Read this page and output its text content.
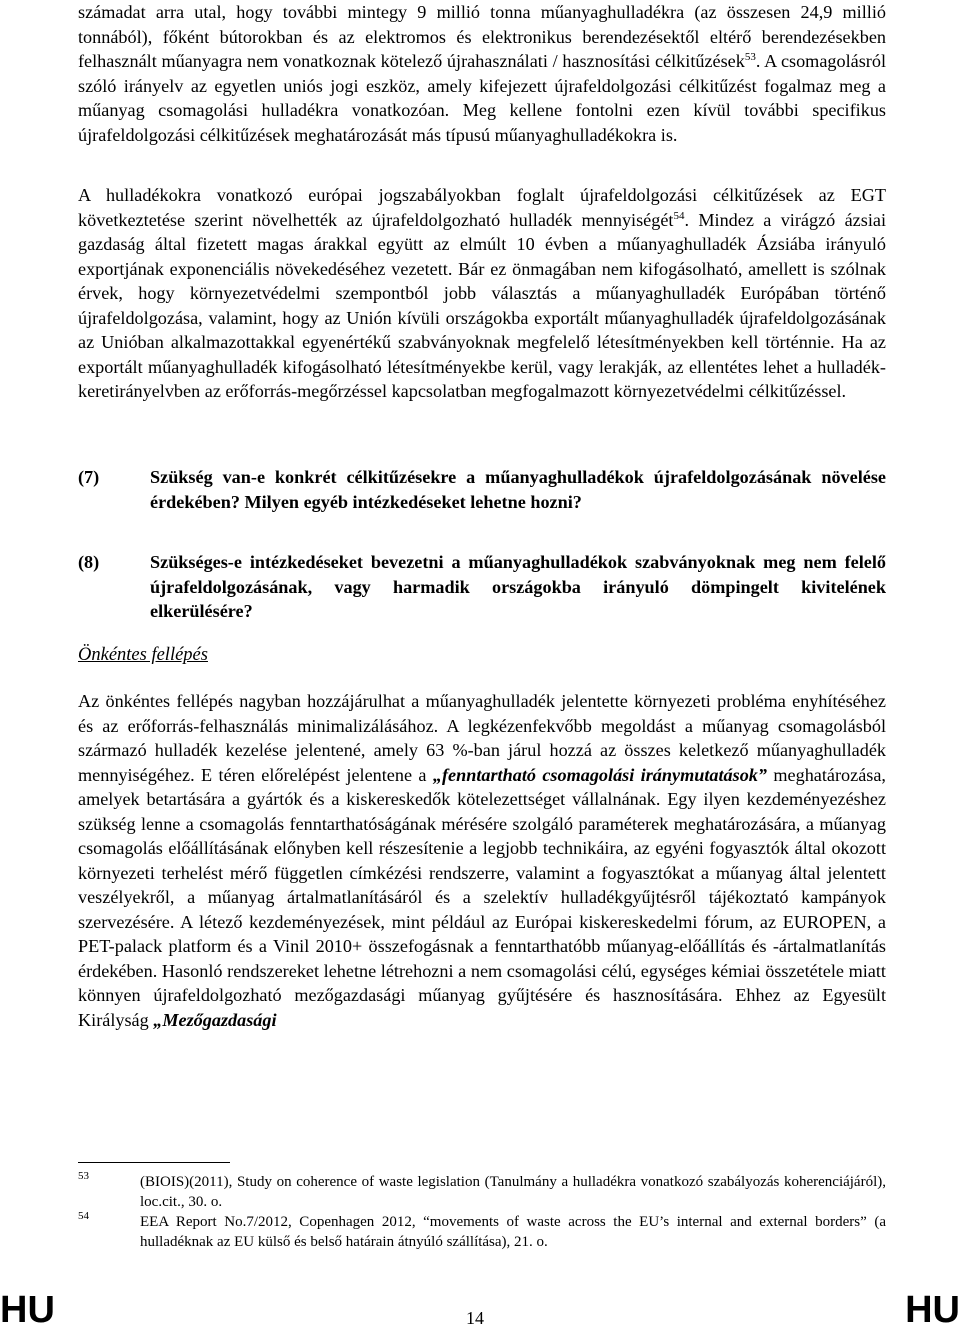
számadat arra utal, hogy további mintegy 9 millió tonna műanyaghulladékra (az összesen 24,9 millió tonnából), főként bútorokban és az elektromos és elektronikus berendezésektől eltérő berendezésekben felhasznált műanyagra nem vonatkoznak kötelező újrahasználati / hasznosítási célkitűzések$^{53}$. A csomagolásról szóló irányelv az egyetlen uniós jogi eszköz, amely kifejezett újrafeldolgozási célkitűzést fogalmaz meg a műanyag csomagolási hulladékra vonatkozóan. Meg kellene fontolni ezen kívül további specifikus újrafeldolgozási célkitűzések meghatározását más típusú műanyaghulladékokra is.

A hulladékokra vonatkozó európai jogszabályokban foglalt újrafeldolgozási célkitűzések az EGT következtetése szerint növelhették az újrafeldolgozható hulladék mennyiségét$^{54}$. Mindez a virágzó ázsiai gazdaság által fizetett magas árakkal együtt az elmúlt 10 évben a műanyaghulladék Ázsiába irányuló exportjának exponenciális növekedéséhez vezetett. Bár ez önmagában nem kifogásolható, amellett is szólnak érvek, hogy környezetvédelmi szempontból jobb választás a műanyaghulladék Európában történő újrafeldolgozása, valamint, hogy az Unión kívüli országokba exportált műanyaghulladék újrafeldolgozásának az Unióban alkalmazottakkal egyenértékű szabványoknak megfelelő létesítményekben kell történnie. Ha az exportált műanyaghulladék kifogásolható létesítményekbe kerül, vagy lerakják, az ellentétes lehet a hulladék-keretirányelvben az erőforrás-megőrzéssel kapcsolatban megfogalmazott környezetvédelmi célkitűzéssel.

(7)	Szükség van-e konkrét célkitűzésekre a műanyaghulladékok újrafeldolgozásának növelése érdekében? Milyen egyéb intézkedéseket lehetne hozni?
(8)	Szükséges-e intézkedéseket bevezetni a műanyaghulladékok szabványoknak meg nem felelő újrafeldolgozásának, vagy harmadik országokba irányuló dömpingelt kivitelének elkerülésére?
Önkéntes fellépés

Az önkéntes fellépés nagyban hozzájárulhat a műanyaghulladék jelentette környezeti probléma enyhítéséhez és az erőforrás-felhasználás minimalizálásához. A legkézenfekvőbb megoldást a műanyag csomagolásból származó hulladék kezelése jelentené, amely 63 %-ban járul hozzá az összes keletkező műanyaghulladék mennyiségéhez. E téren előrelépést jelentene a „fenntartható csomagolási iránymutatások” meghatározása, amelyek betartására a gyártók és a kiskereskedők kötelezettséget vállalnának. Egy ilyen kezdeményezéshez szükség lenne a csomagolás fenntarthatóságának mérésére szolgáló paraméterek meghatározására, a műanyag csomagolás előállításának előnyben kell részesítenie a legjobb technikáira, az egyéni fogyasztók által okozott környezeti terhelést mérő független címkézési rendszerre, valamint a fogyasztókat a műanyag által jelentett veszélyekről, a műanyag ártalmatlanításáról és a szelektív hulladékgyűjtésről tájékoztató kampányok szervezésére. A létező kezdeményezések, mint például az Európai kiskereskedelmi fórum, az EUROPEN, a PET-palack platform és a Vinil 2010+ összefogásnak a fenntarthatóbb műanyag-előállítás és -ártalmatlanítás érdekében. Hasonló rendszereket lehetne létrehozni a nem csomagolási célú, egységes kémiai összetétele miatt könnyen újrafeldolgozható mezőgazdasági műanyag gyűjtésére és hasznosítására. Ehhez az Egyesült Királyság „Mezőgazdasági

53	(BIOIS)(2011), Study on coherence of waste legislation (Tanulmány a hulladékra vonatkozó szabályozás koherenciájáról), loc.cit., 30. o.
54	EEA Report No.7/2012, Copenhagen 2012, “movements of waste across the EU’s internal and external borders” (a hulladéknak az EU külső és belső határain átnyúló szállítása), 21. o.
HU	14	HU
